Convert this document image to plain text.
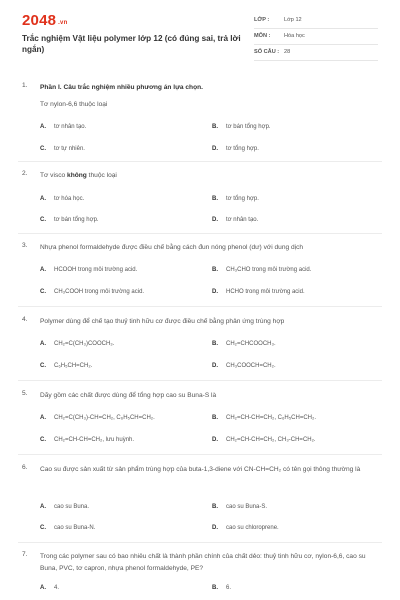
2048 .vn
Trắc nghiệm Vật liệu polymer lớp 12 (có đúng sai, trả lời ngắn)
LỚP :	Lớp 12
MÔN : Hóa học
SỐ CÂU : 28
1. Phần I. Câu trắc nghiệm nhiều phương án lựa chọn.
Tơ nylon-6,6 thuộc loại
A. tơ nhân tạo.	B. tơ bán tổng hợp.
C. tơ tự nhiên.	D. tơ tổng hợp.
2. Tơ visco không thuộc loại
A. tơ hóa học.	B. tơ tổng hợp.
C. tơ bán tổng hợp.	D. tơ nhân tạo.
3. Nhựa phenol formaldehyde được điều chế bằng cách đun nóng phenol (dư) với dung dịch
A. HCOOH trong môi trường acid.	B. CH₃CHO trong môi trường acid.
C. CH₃COOH trong môi trường acid.	D. HCHO trong môi trường acid.
4. Polymer dùng để chế tạo thuỷ tinh hữu cơ được điều chế bằng phản ứng trùng hợp
A. CH₂=C(CH₃)COOCH₃.	B. CH₂=CHCOOCH₃.
C. C₆H₅CH=CH₂.	D. CH₃COOCH=CH₂.
5. Dãy gồm các chất được dùng để tổng hợp cao su Buna-S là
A. CH₂=C(CH₃)-CH=CH₂, C₆H₅CH=CH₂.	B. CH₂=CH-CH=CH₂, C₆H₅CH=CH₂.
C. CH₂=CH-CH=CH₂, lưu huỳnh.	D. CH₂=CH-CH=CH₂, CH₃-CH=CH₂.
6. Cao su được sản xuất từ sản phẩm trùng hợp của buta-1,3-diene với CN-CH=CH₂ có tên gọi thông thường là
A. cao su Buna.	B. cao su Buna-S.
C. cao su Buna-N.	D. cao su chloroprene.
7. Trong các polymer sau có bao nhiêu chất là thành phần chính của chất dẻo: thuỷ tinh hữu cơ, nylon-6,6, cao su Buna, PVC, tơ capron, nhựa phenol formaldehyde, PE?
A. 4.	B. 6.
